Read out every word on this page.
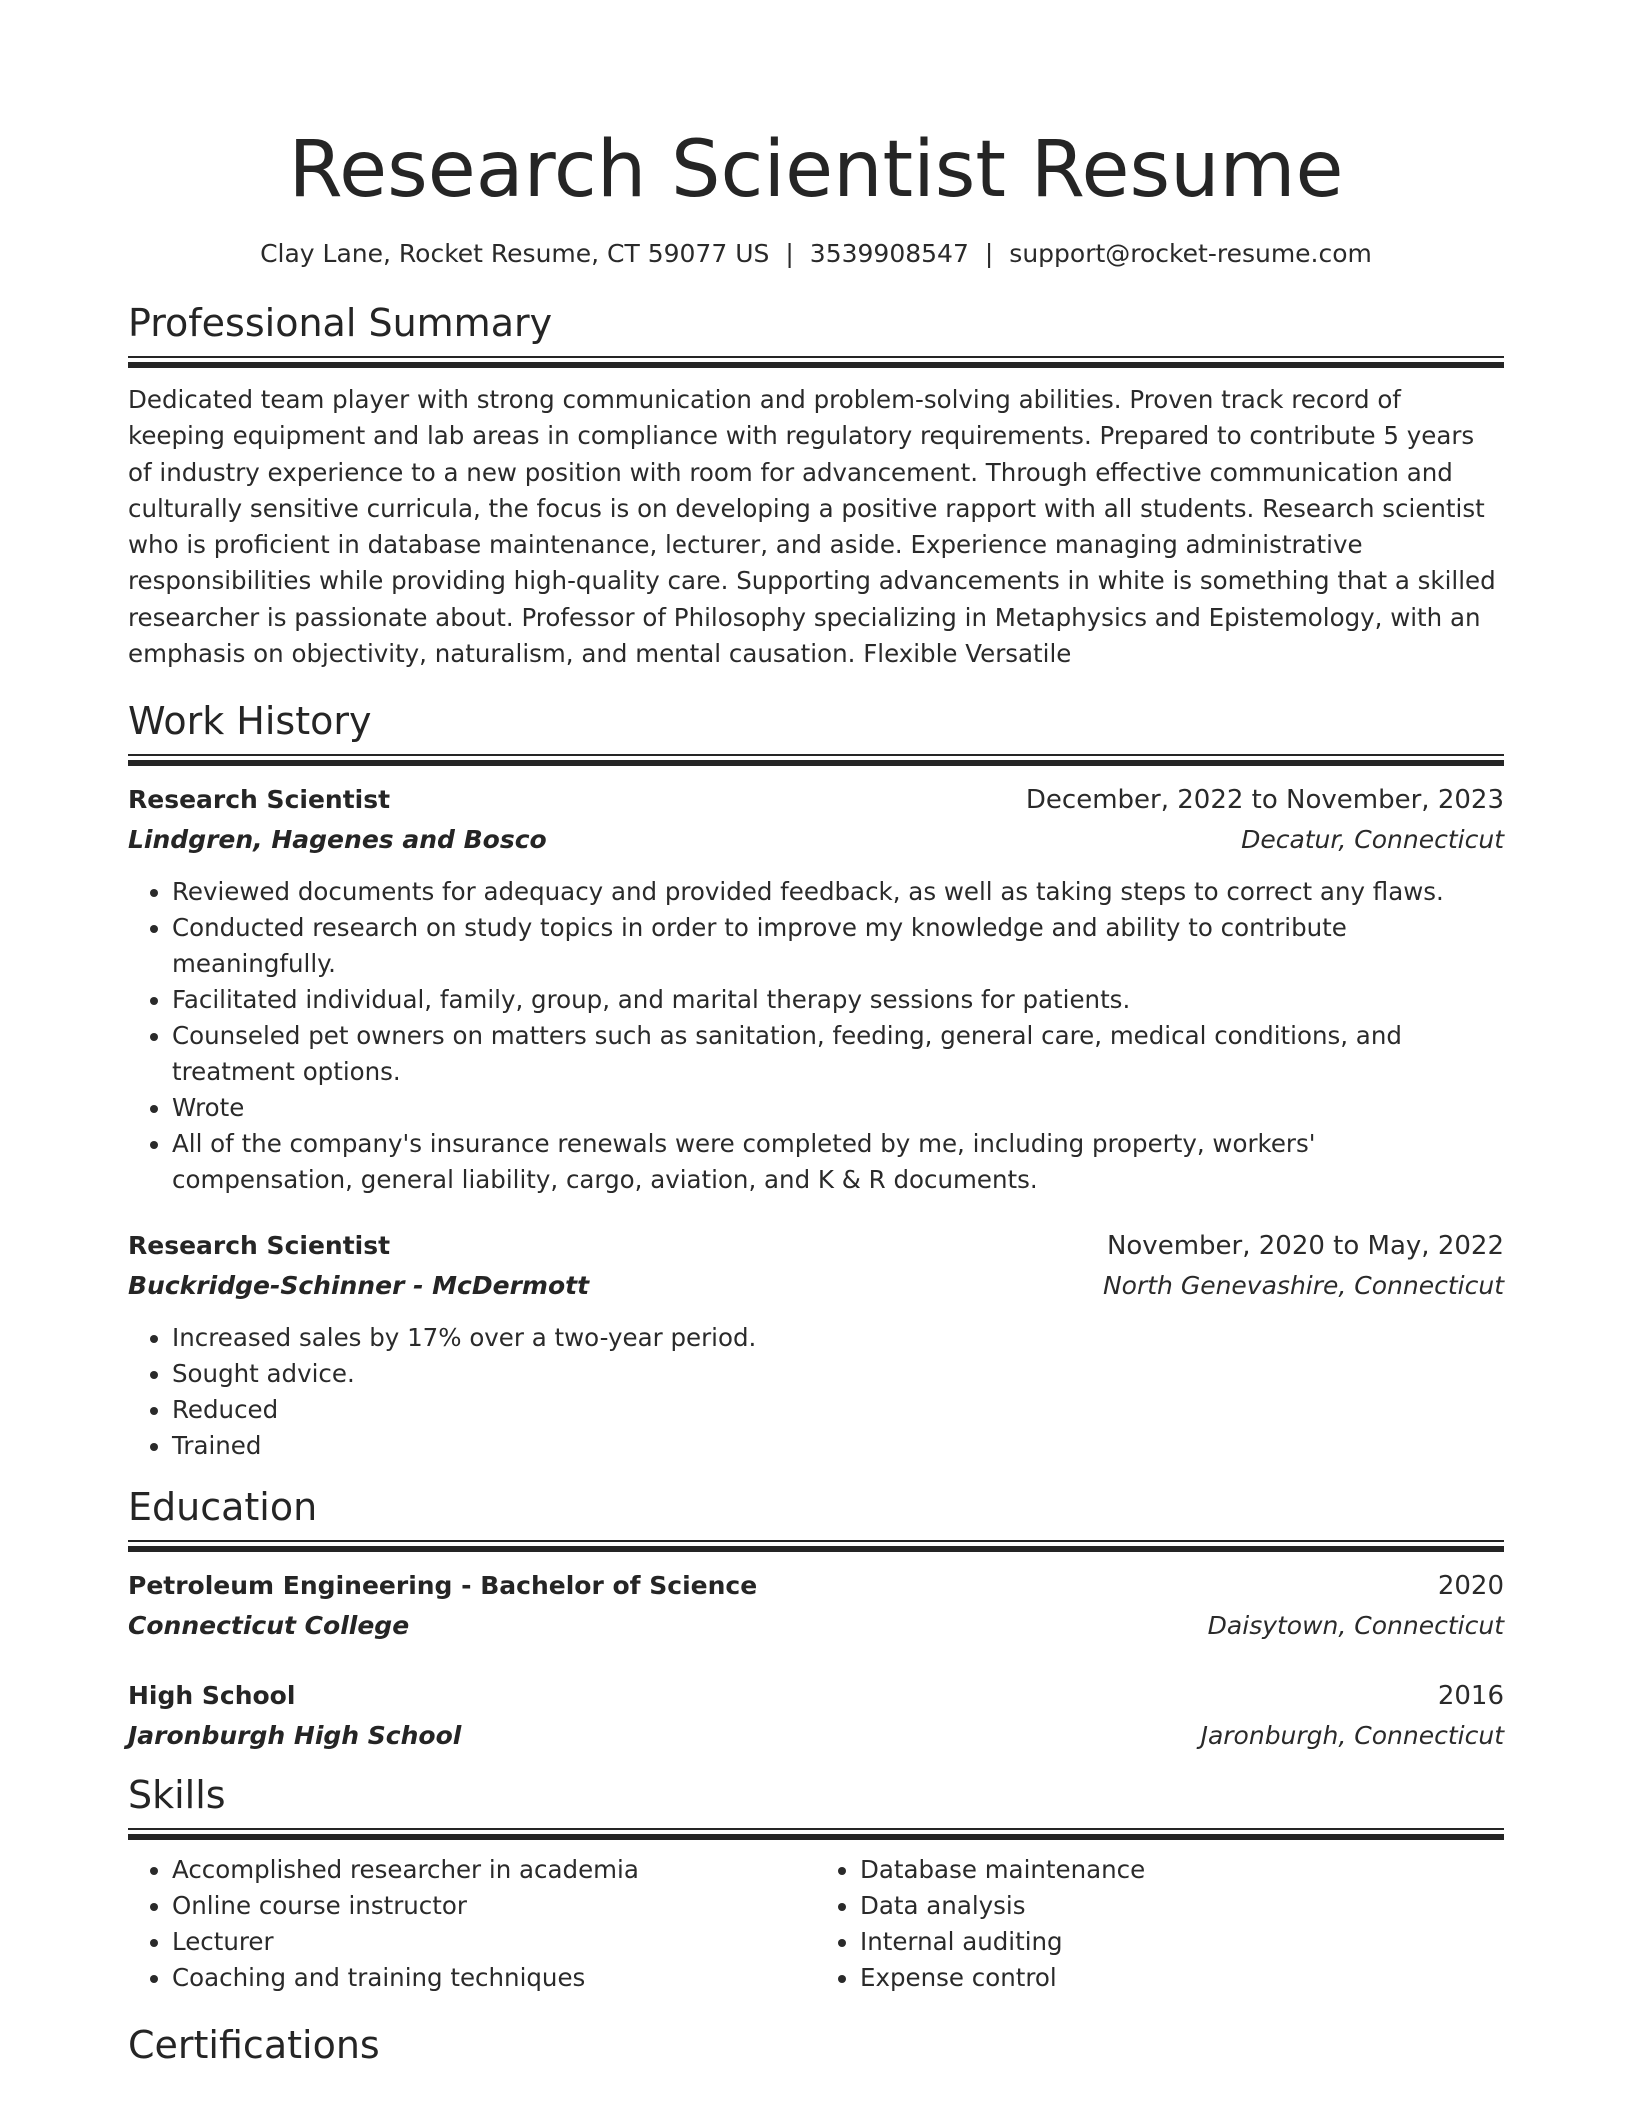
Research Scientist Resume
Clay Lane, Rocket Resume, CT 59077 US | 3539908547 | support@rocket-resume.com
Professional Summary
Dedicated team player with strong communication and problem-solving abilities. Proven track record of keeping equipment and lab areas in compliance with regulatory requirements. Prepared to contribute 5 years of industry experience to a new position with room for advancement. Through effective communication and culturally sensitive curricula, the focus is on developing a positive rapport with all students. Research scientist who is proficient in database maintenance, lecturer, and aside. Experience managing administrative responsibilities while providing high-quality care. Supporting advancements in white is something that a skilled researcher is passionate about. Professor of Philosophy specializing in Metaphysics and Epistemology, with an emphasis on objectivity, naturalism, and mental causation. Flexible Versatile
Work History
Research Scientist	December, 2022 to November, 2023
Lindgren, Hagenes and Bosco	Decatur, Connecticut
• Reviewed documents for adequacy and provided feedback, as well as taking steps to correct any flaws.
• Conducted research on study topics in order to improve my knowledge and ability to contribute meaningfully.
• Facilitated individual, family, group, and marital therapy sessions for patients.
• Counseled pet owners on matters such as sanitation, feeding, general care, medical conditions, and treatment options.
• Wrote
• All of the company's insurance renewals were completed by me, including property, workers' compensation, general liability, cargo, aviation, and K & R documents.
Research Scientist	November, 2020 to May, 2022
Buckridge-Schinner - McDermott	North Genevashire, Connecticut
• Increased sales by 17% over a two-year period.
• Sought advice.
• Reduced
• Trained
Education
Petroleum Engineering - Bachelor of Science	2020
Connecticut College	Daisytown, Connecticut
High School	2016
Jaronburgh High School	Jaronburgh, Connecticut
Skills
• Accomplished researcher in academia
• Online course instructor
• Lecturer
• Coaching and training techniques
• Database maintenance
• Data analysis
• Internal auditing
• Expense control
Certifications
